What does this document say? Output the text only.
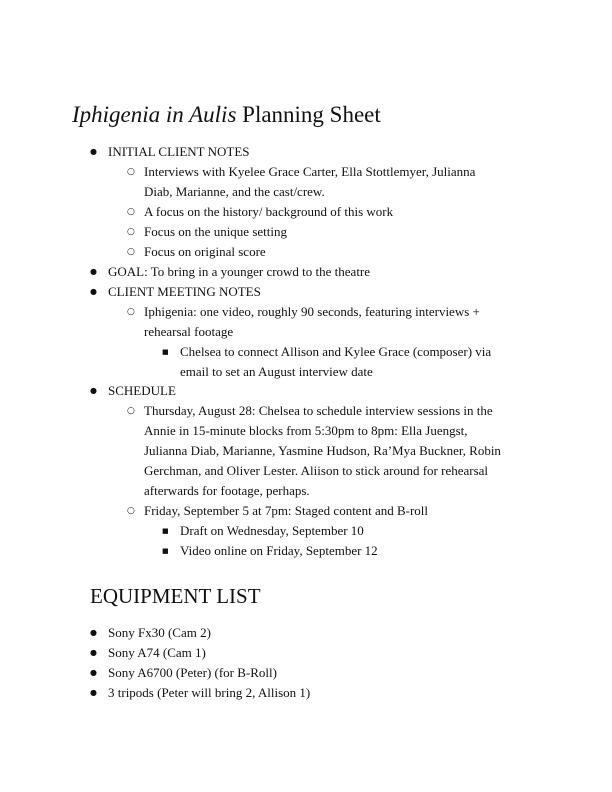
Iphigenia in Aulis Planning Sheet
● INITIAL CLIENT NOTES
○ Interviews with Kyelee Grace Carter, Ella Stottlemyer, Julianna
Diab, Marianne, and the cast/crew.
○ A focus on the history/ background of this work
○ Focus on the unique setting
○ Focus on original score
● GOAL: To bring in a younger crowd to the theatre
● CLIENT MEETING NOTES
○ Iphigenia: one video, roughly 90 seconds, featuring interviews +
rehearsal footage
■ Chelsea to connect Allison and Kylee Grace (composer) via
email to set an August interview date
● SCHEDULE
○ Thursday, August 28: Chelsea to schedule interview sessions in the
Annie in 15-minute blocks from 5:30pm to 8pm: Ella Juengst,
Julianna Diab, Marianne, Yasmine Hudson, Ra’Mya Buckner, Robin
Gerchman, and Oliver Lester. Aliison to stick around for rehearsal
afterwards for footage, perhaps.
○ Friday, September 5 at 7pm: Staged content and B-roll
■ Draft on Wednesday, September 10
■ Video online on Friday, September 12
EQUIPMENT LIST
● Sony Fx30 (Cam 2)
● Sony A74 (Cam 1)
● Sony A6700 (Peter) (for B-Roll)
● 3 tripods (Peter will bring 2, Allison 1)
